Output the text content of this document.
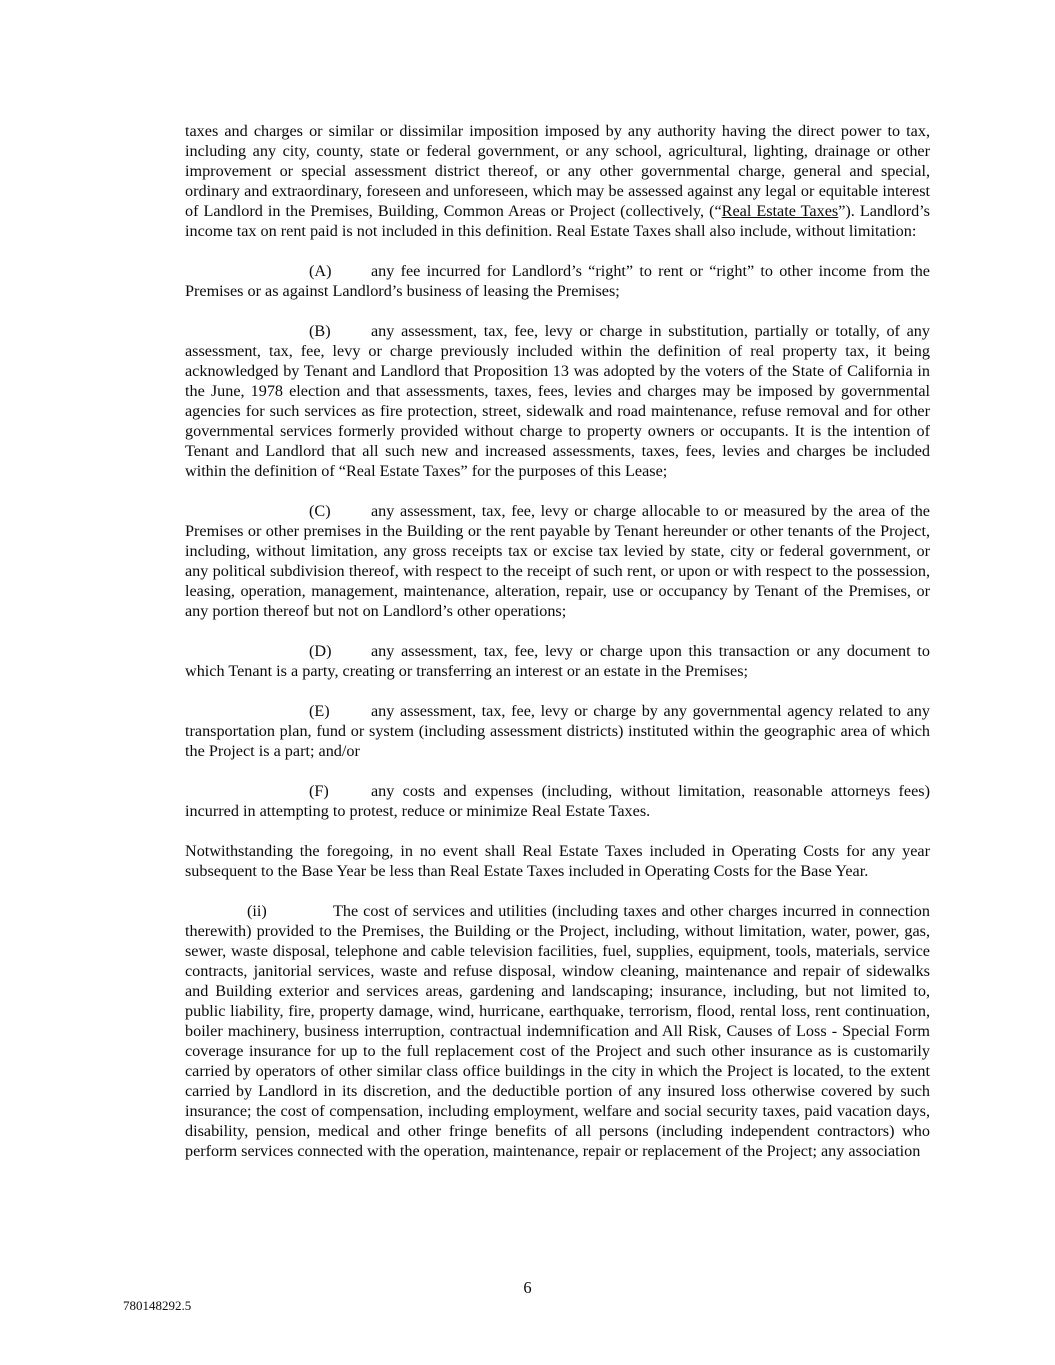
taxes and charges or similar or dissimilar imposition imposed by any authority having the direct power to tax, including any city, county, state or federal government, or any school, agricultural, lighting, drainage or other improvement or special assessment district thereof, or any other governmental charge, general and special, ordinary and extraordinary, foreseen and unforeseen, which may be assessed against any legal or equitable interest of Landlord in the Premises, Building, Common Areas or Project (collectively, (“Real Estate Taxes”). Landlord’s income tax on rent paid is not included in this definition. Real Estate Taxes shall also include, without limitation:

(A) any fee incurred for Landlord’s “right” to rent or “right” to other income from the Premises or as against Landlord’s business of leasing the Premises;

(B) any assessment, tax, fee, levy or charge in substitution, partially or totally, of any assessment, tax, fee, levy or charge previously included within the definition of real property tax, it being acknowledged by Tenant and Landlord that Proposition 13 was adopted by the voters of the State of California in the June, 1978 election and that assessments, taxes, fees, levies and charges may be imposed by governmental agencies for such services as fire protection, street, sidewalk and road maintenance, refuse removal and for other governmental services formerly provided without charge to property owners or occupants. It is the intention of Tenant and Landlord that all such new and increased assessments, taxes, fees, levies and charges be included within the definition of “Real Estate Taxes” for the purposes of this Lease;

(C) any assessment, tax, fee, levy or charge allocable to or measured by the area of the Premises or other premises in the Building or the rent payable by Tenant hereunder or other tenants of the Project, including, without limitation, any gross receipts tax or excise tax levied by state, city or federal government, or any political subdivision thereof, with respect to the receipt of such rent, or upon or with respect to the possession, leasing, operation, management, maintenance, alteration, repair, use or occupancy by Tenant of the Premises, or any portion thereof but not on Landlord’s other operations;

(D) any assessment, tax, fee, levy or charge upon this transaction or any document to which Tenant is a party, creating or transferring an interest or an estate in the Premises;

(E)	any assessment, tax, fee, levy or charge by any governmental agency related to any transportation plan, fund or system (including assessment districts) instituted within the geographic area of which the Project is a part; and/or

(F)	any costs and expenses (including, without limitation, reasonable attorneys fees) incurred in attempting to protest, reduce or minimize Real Estate Taxes.

Notwithstanding the foregoing, in no event shall Real Estate Taxes included in Operating Costs for any year subsequent to the Base Year be less than Real Estate Taxes included in Operating Costs for the Base Year.

(ii)	The cost of services and utilities (including taxes and other charges incurred in connection therewith) provided to the Premises, the Building or the Project, including, without limitation, water, power, gas, sewer, waste disposal, telephone and cable television facilities, fuel, supplies, equipment, tools, materials, service contracts, janitorial services, waste and refuse disposal, window cleaning, maintenance and repair of sidewalks and Building exterior and services areas, gardening and landscaping; insurance, including, but not limited to, public liability, fire, property damage, wind, hurricane, earthquake, terrorism, flood, rental loss, rent continuation, boiler machinery, business interruption, contractual indemnification and All Risk, Causes of Loss - Special Form coverage insurance for up to the full replacement cost of the Project and such other insurance as is customarily carried by operators of other similar class office buildings in the city in which the Project is located, to the extent carried by Landlord in its discretion, and the deductible portion of any insured loss otherwise covered by such insurance; the cost of compensation, including employment, welfare and social security taxes, paid vacation days, disability, pension, medical and other fringe benefits of all persons (including independent contractors) who perform services connected with the operation, maintenance, repair or replacement of the Project; any association

6
780148292.5
